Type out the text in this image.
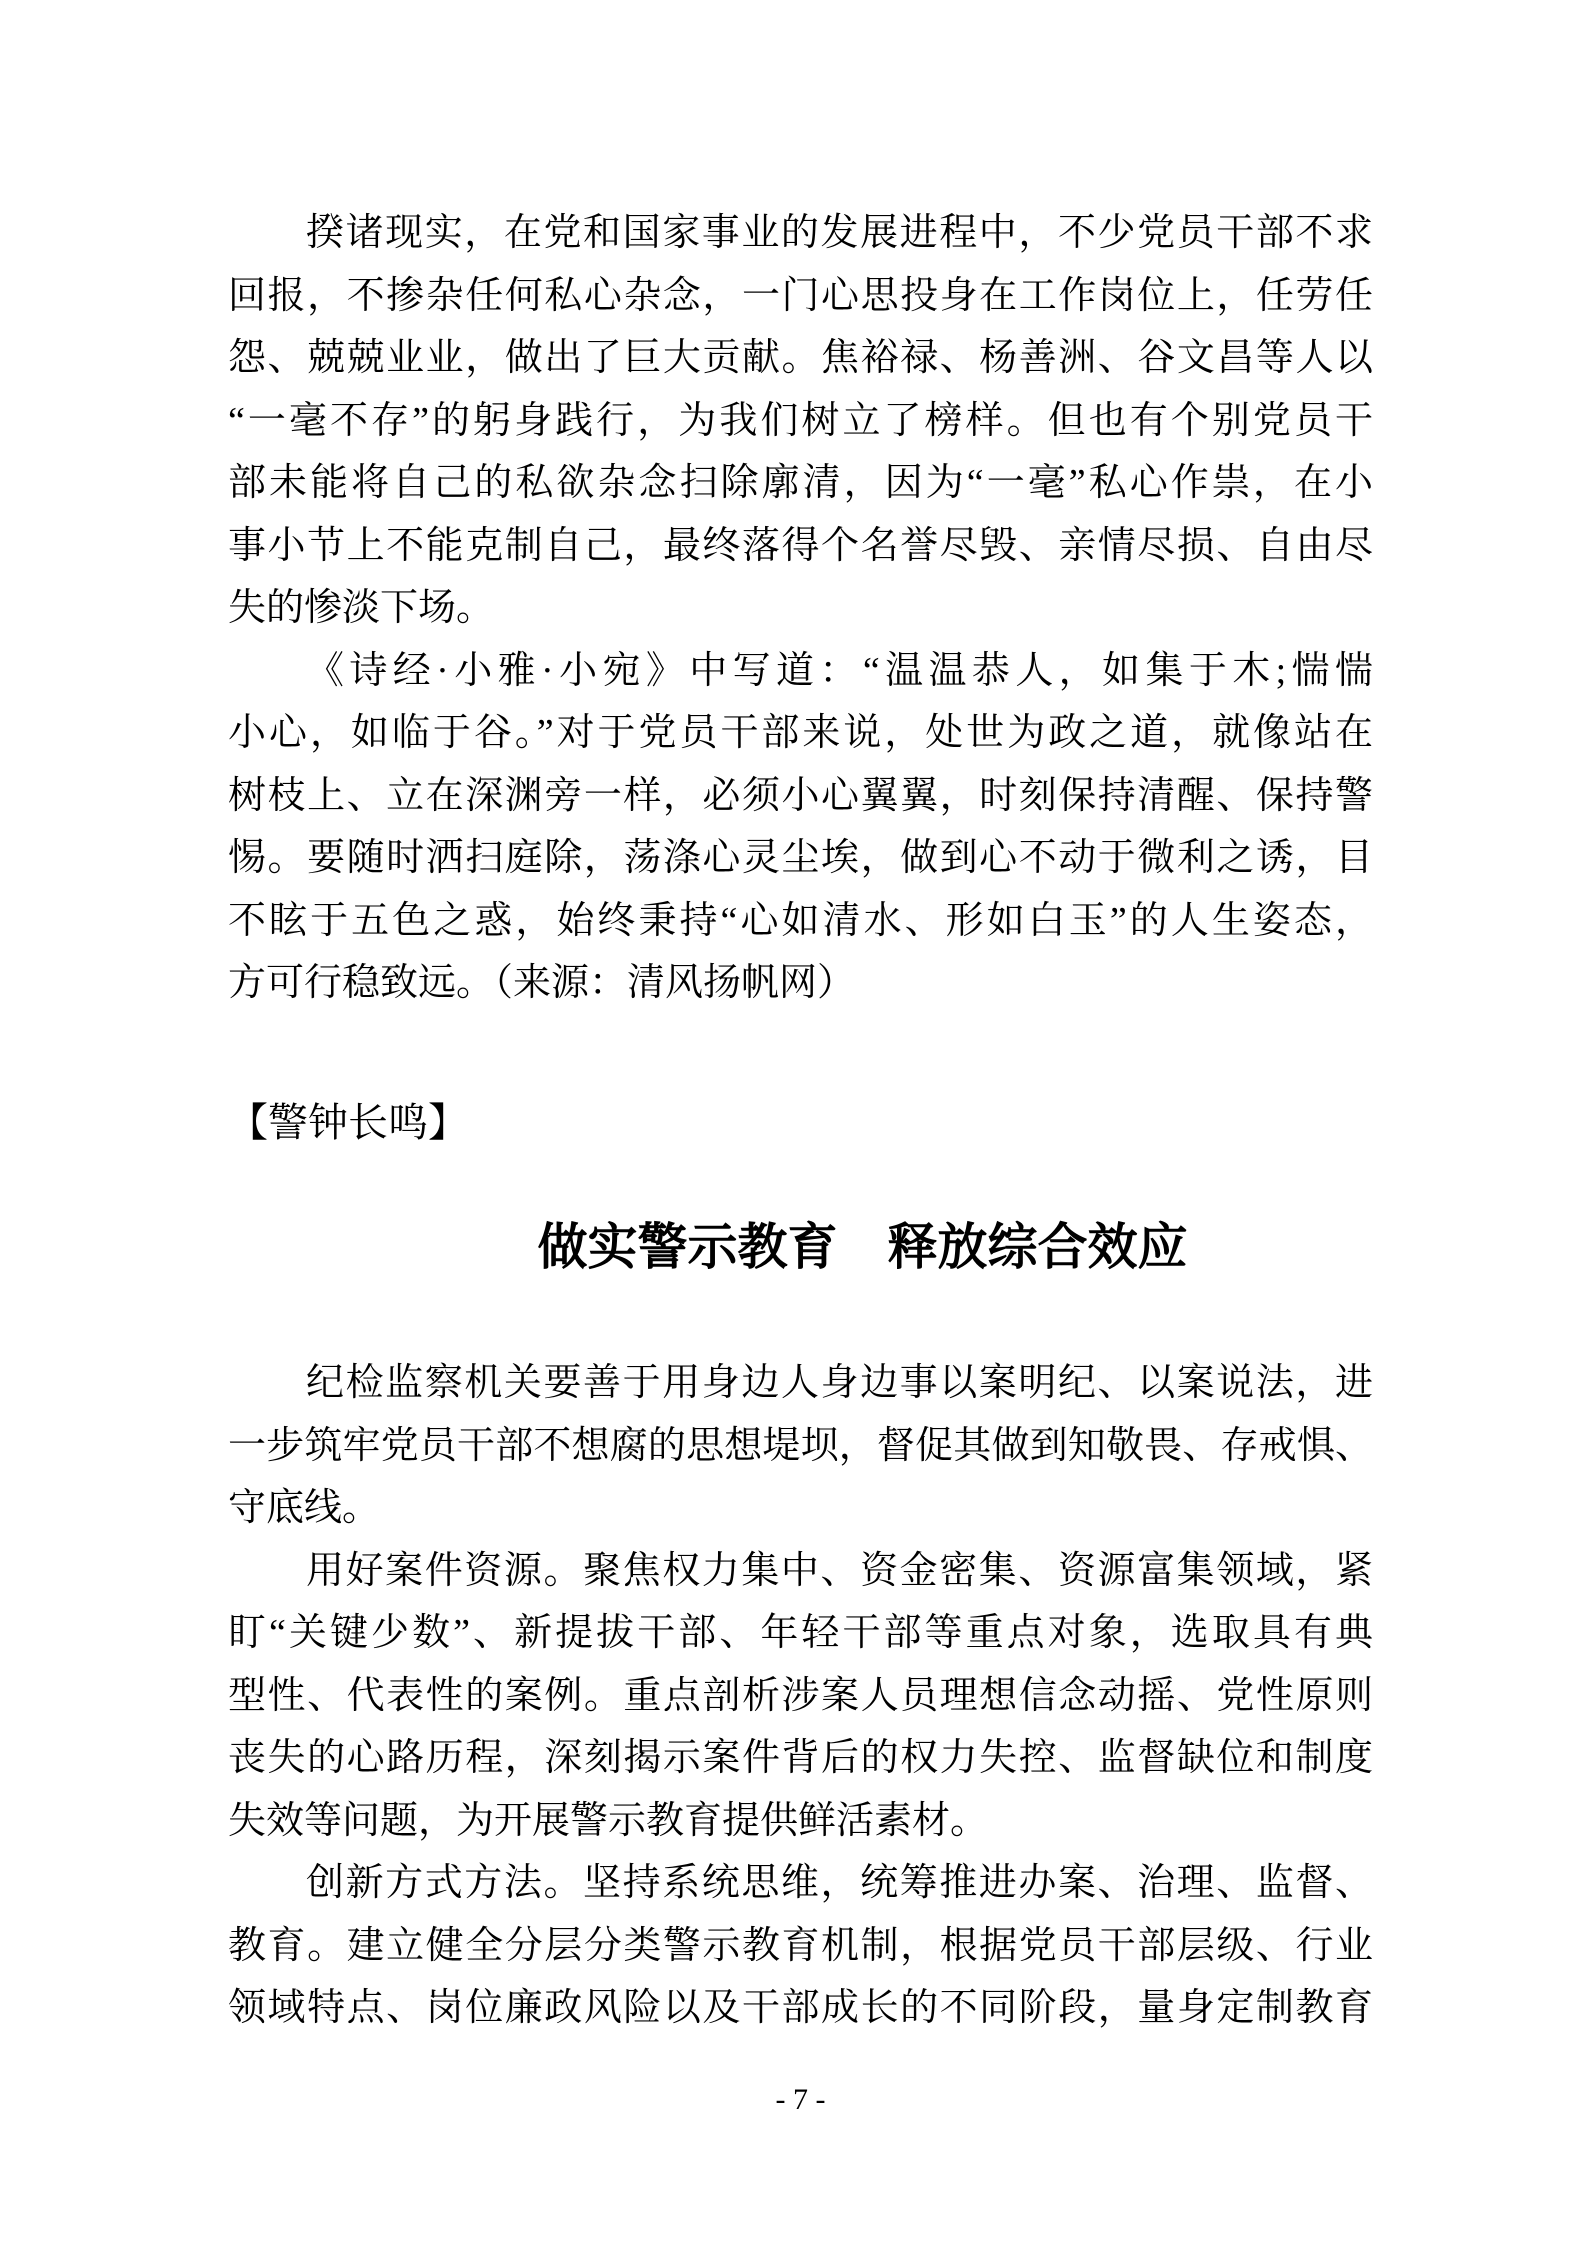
揆诸现实，在党和国家事业的发展进程中，不少党员干部不求
回报，不掺杂任何私心杂念，一门心思投身在工作岗位上，任劳任
怨、兢兢业业，做出了巨大贡献。焦裕禄、杨善洲、谷文昌等人以
“一毫不存”的躬身践行，为我们树立了榜样。但也有个别党员干
部未能将自己的私欲杂念扫除廓清，因为“一毫”私心作祟，在小
事小节上不能克制自己，最终落得个名誉尽毁、亲情尽损、自由尽
失的惨淡下场。
《诗经·小雅·小宛》中写道：“温温恭人，如集于木;惴惴
小心，如临于谷。”对于党员干部来说，处世为政之道，就像站在
树枝上、立在深渊旁一样，必须小心翼翼，时刻保持清醒、保持警
惕。要随时洒扫庭除，荡涤心灵尘埃，做到心不动于微利之诱，目
不眩于五色之惑，始终秉持“心如清水、形如白玉”的人生姿态，
方可行稳致远。（来源：清风扬帆网）
【警钟长鸣】
做实警示教育　释放综合效应
纪检监察机关要善于用身边人身边事以案明纪、以案说法，进
一步筑牢党员干部不想腐的思想堤坝，督促其做到知敬畏、存戒惧、
守底线。
用好案件资源。聚焦权力集中、资金密集、资源富集领域，紧
盯“关键少数”、新提拔干部、年轻干部等重点对象，选取具有典
型性、代表性的案例。重点剖析涉案人员理想信念动摇、党性原则
丧失的心路历程，深刻揭示案件背后的权力失控、监督缺位和制度
失效等问题，为开展警示教育提供鲜活素材。
创新方式方法。坚持系统思维，统筹推进办案、治理、监督、
教育。建立健全分层分类警示教育机制，根据党员干部层级、行业
领域特点、岗位廉政风险以及干部成长的不同阶段，量身定制教育
- 7 -
